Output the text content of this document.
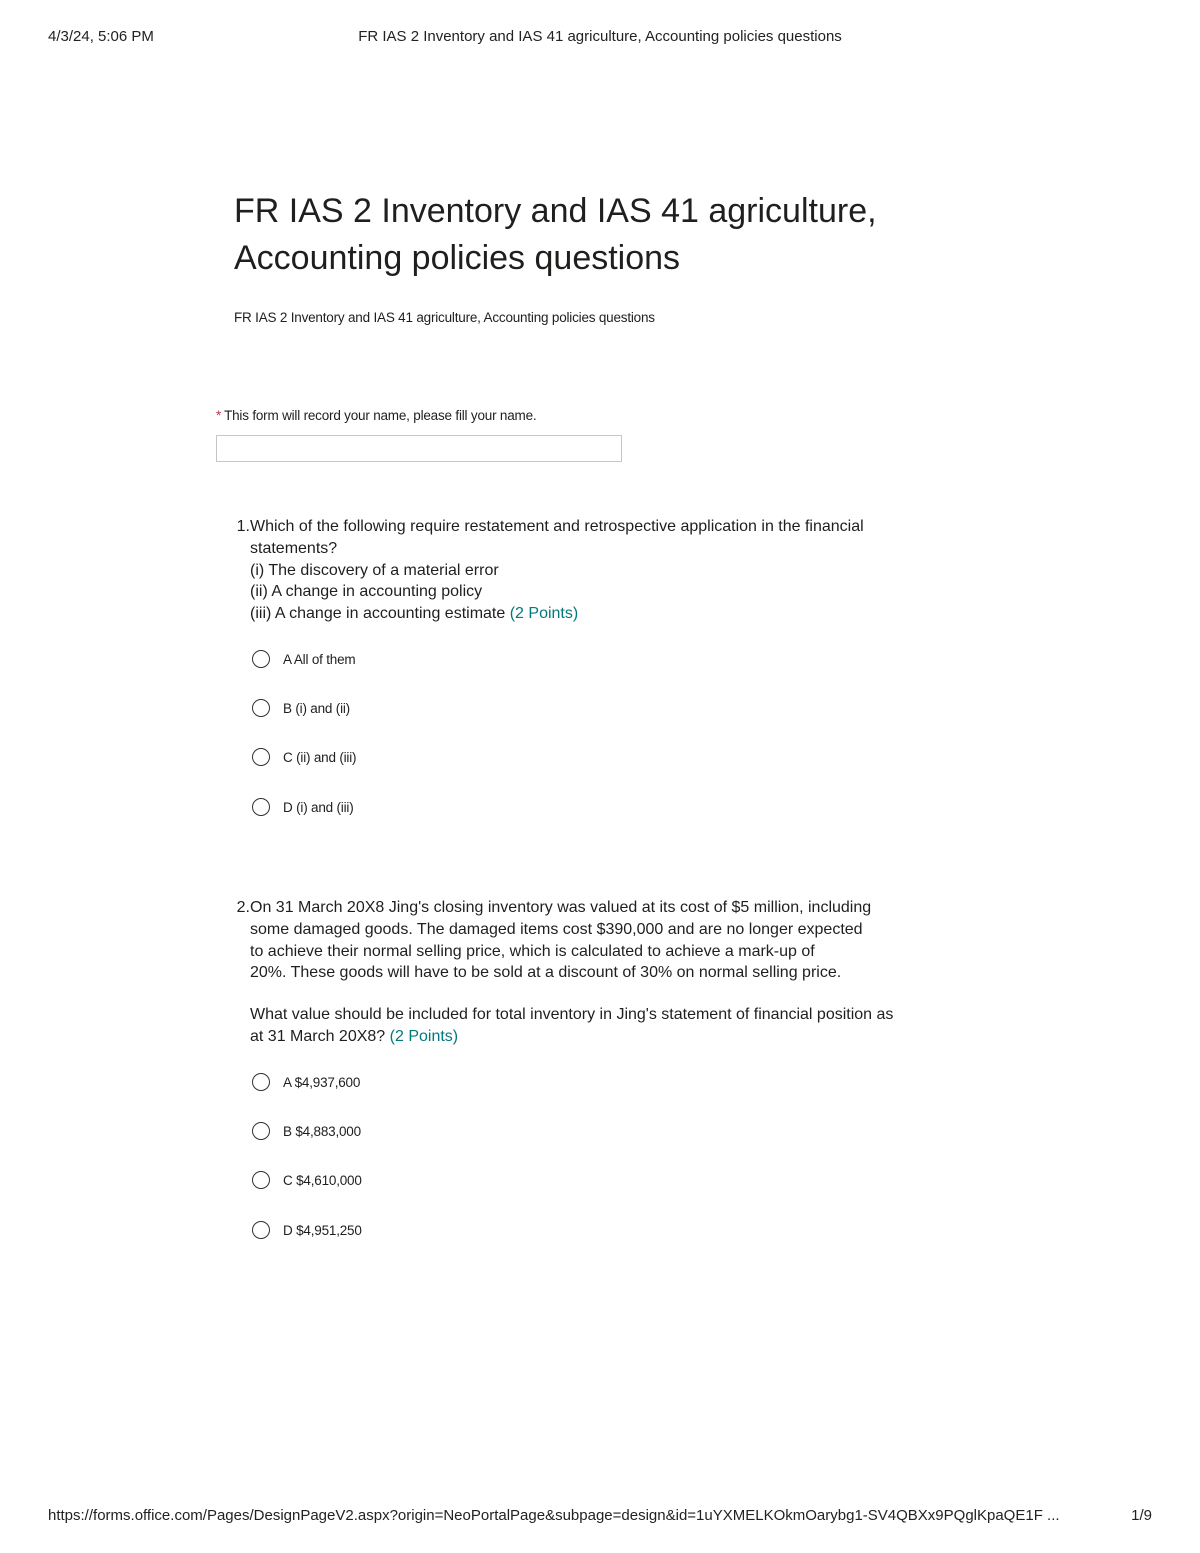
4/3/24, 5:06 PM	FR IAS 2 Inventory and IAS 41 agriculture, Accounting policies questions
FR IAS 2 Inventory and IAS 41 agriculture,
Accounting policies questions
FR IAS 2 Inventory and IAS 41 agriculture, Accounting policies questions
* This form will record your name, please fill your name.
1. Which of the following require restatement and retrospective application in the financial
statements?
(i) The discovery of a material error
(ii) A change in accounting policy
(iii) A change in accounting estimate (2 Points)
A All of them
B (i) and (ii)
C (ii) and (iii)
D (i) and (iii)
2. On 31 March 20X8 Jing's closing inventory was valued at its cost of $5 million, including
some damaged goods. The damaged items cost $390,000 and are no longer expected
to achieve their normal selling price, which is calculated to achieve a mark-up of
20%. These goods will have to be sold at a discount of 30% on normal selling price.
What value should be included for total inventory in Jing's statement of financial position as
at 31 March 20X8? (2 Points)
A $4,937,600
B $4,883,000
C $4,610,000
D $4,951,250
https://forms.office.com/Pages/DesignPageV2.aspx?origin=NeoPortalPage&subpage=design&id=1uYXMELKOkmOarybg1-SV4QBXx9PQglKpaQE1F ...	1/9
